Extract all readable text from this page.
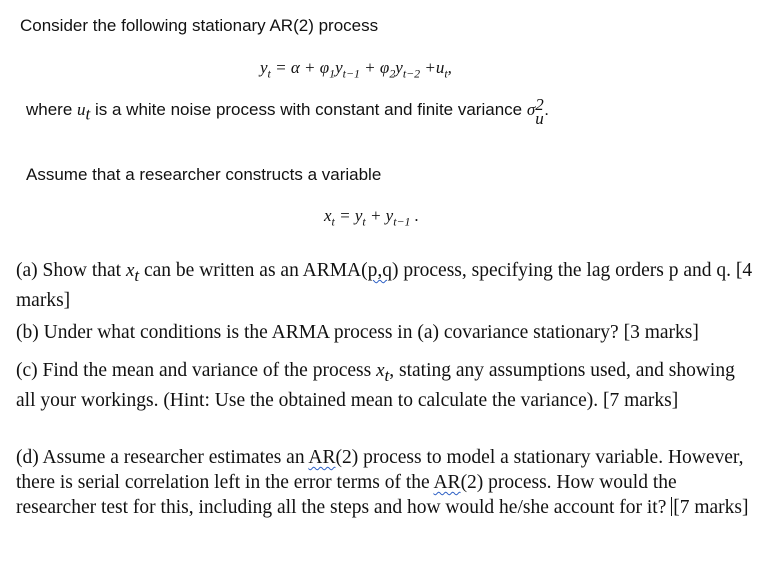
Consider the following stationary AR(2) process
$y_t = \alpha + \varphi_1y_{t-1} + \varphi_2y_{t-2} +u_t$,
where $u_t$ is a white noise process with constant and finite variance σ 2
u .
Assume that a researcher constructs a variable
$x_t = y_t + y_{t-1}$ .
(a) Show that $x_t$ can be written as an ARMA(p,q) process, specifying the lag orders p and q. [4 marks]
(b) Under what conditions is the ARMA process in (a) covariance stationary? [3 marks]
(c) Find the mean and variance of the process $x_t$, stating any assumptions used, and showing all your workings. (Hint: Use the obtained mean to calculate the variance). [7 marks]
(d) Assume a researcher estimates an AR(2) process to model a stationary variable. However, there is serial correlation left in the error terms of the AR(2) process. How would the researcher test for this, including all the steps and how would he/she account for it? [7 marks]
